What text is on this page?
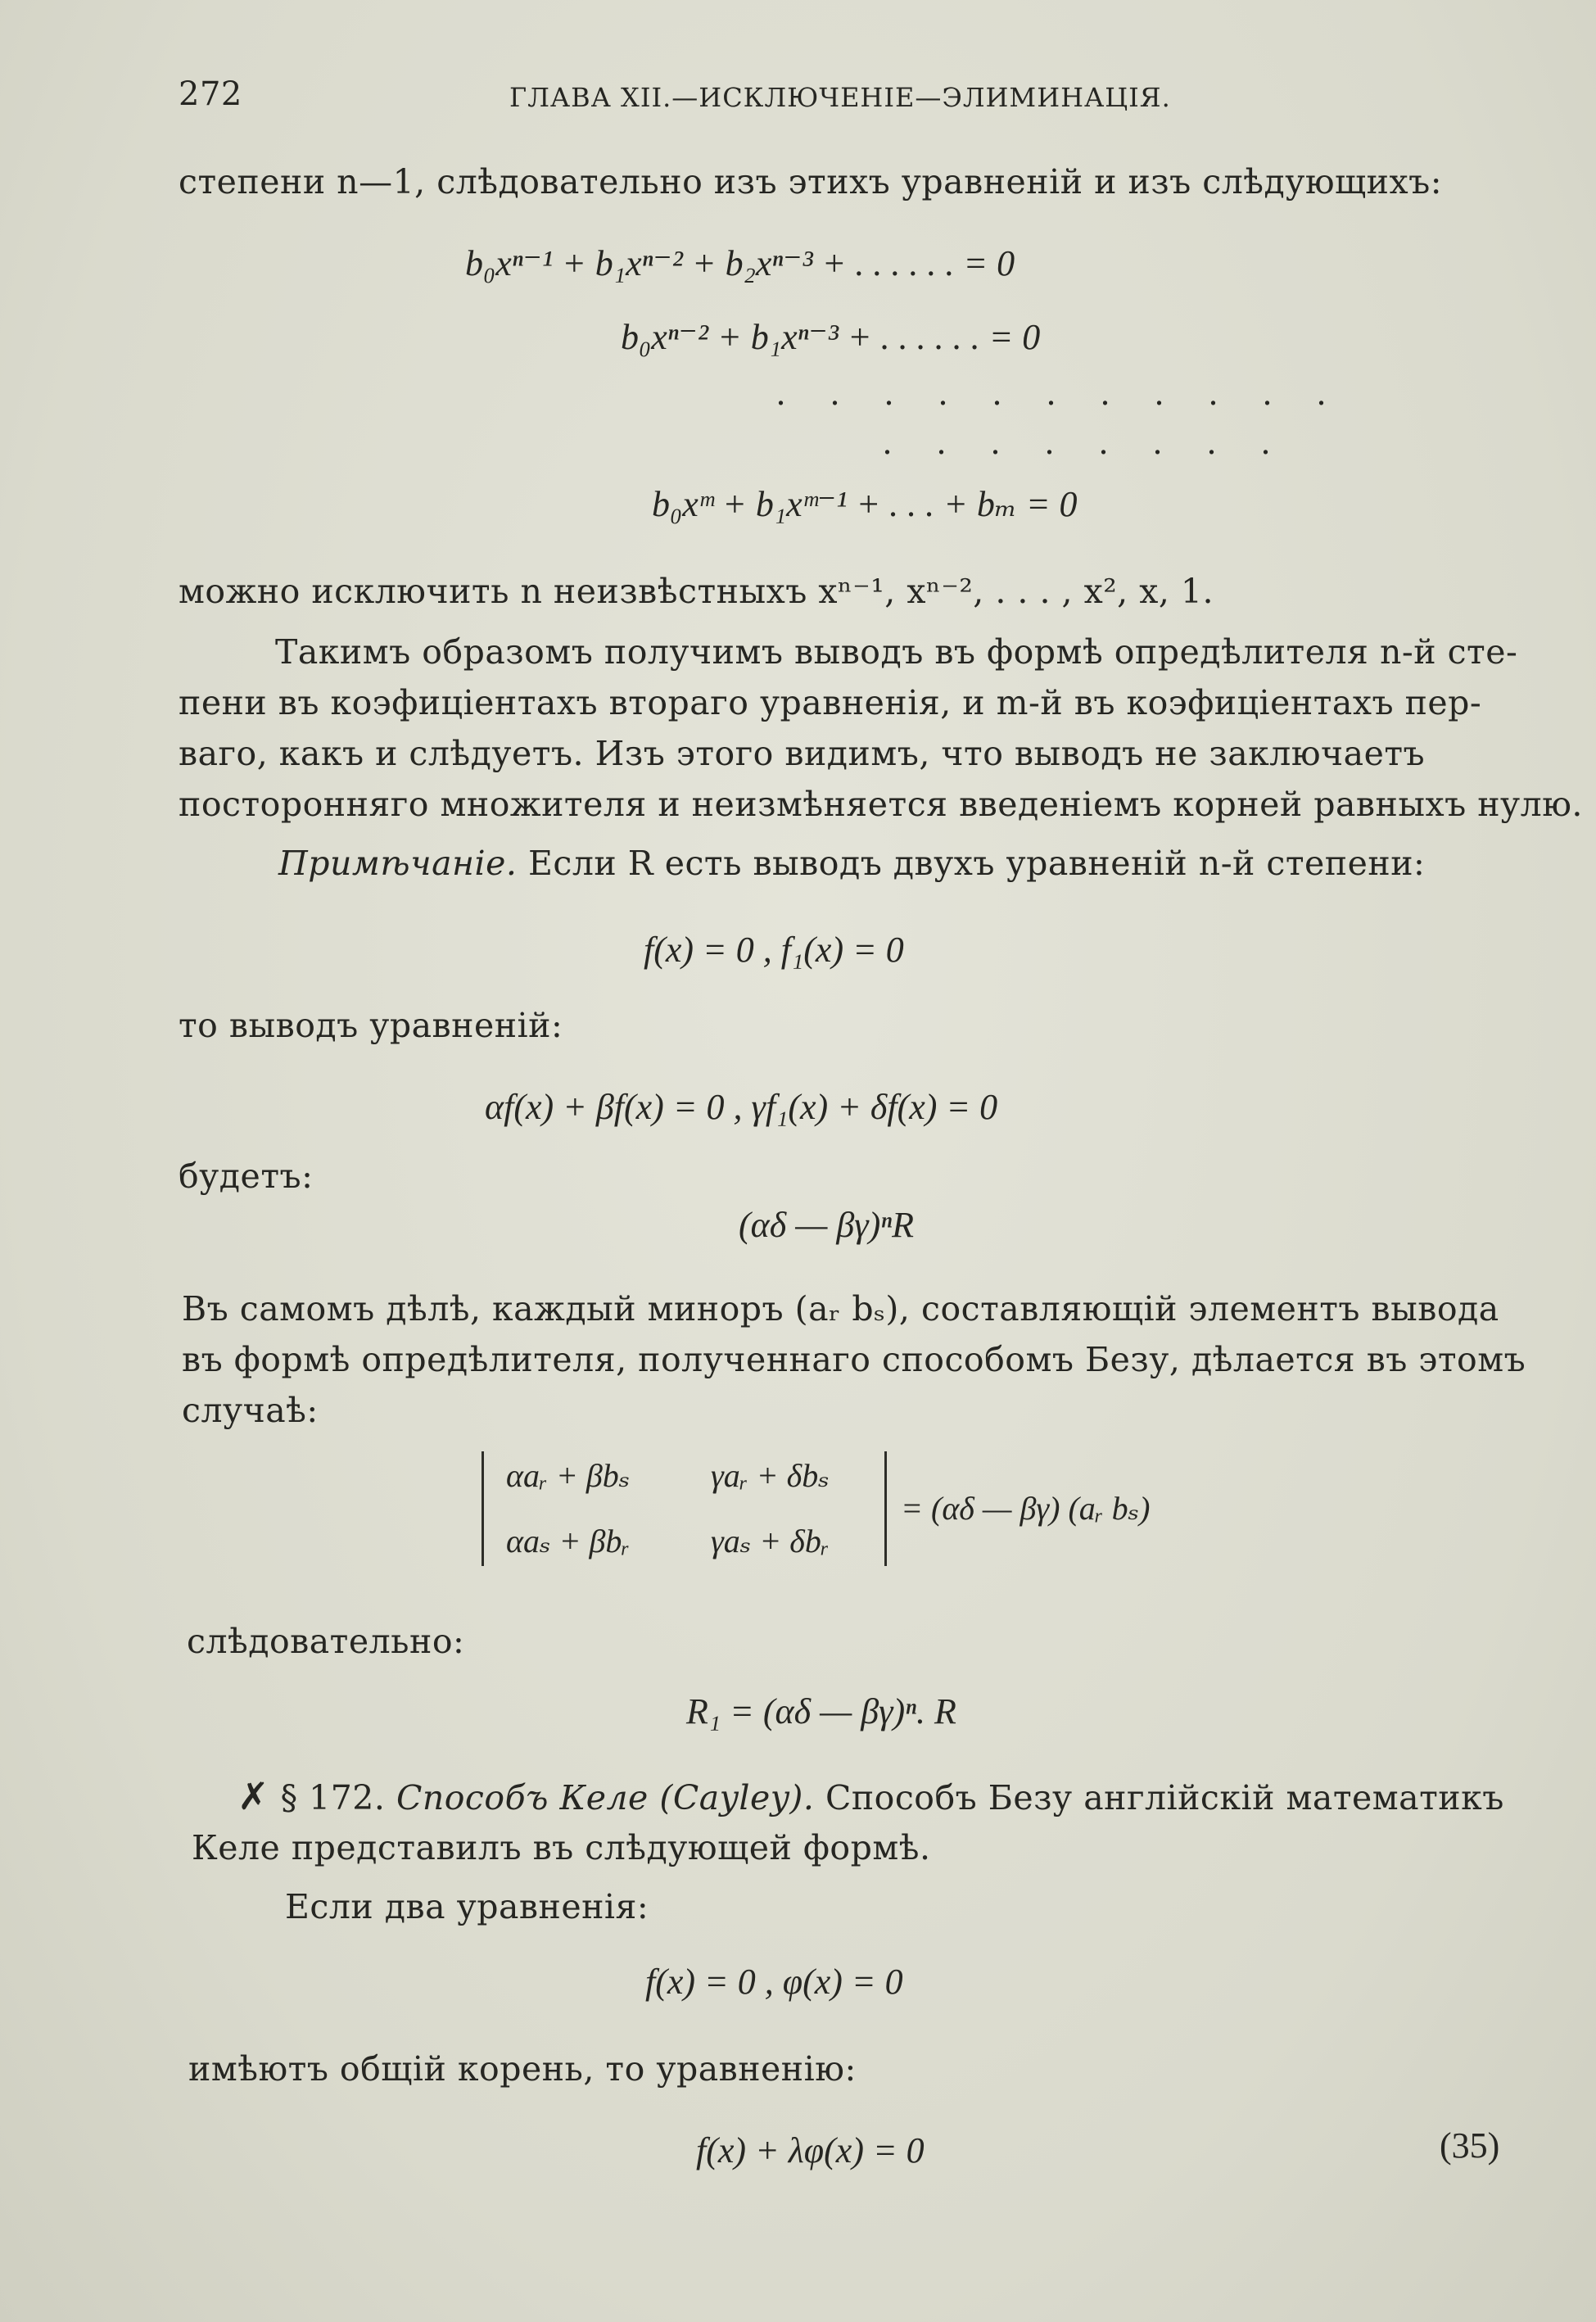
272	ГЛАВА XII.—ИСКЛЮЧЕНІЕ—ЭЛИМИНАЦІЯ.
степени n—1, слѣдовательно изъ этихъ уравненій и изъ слѣдующихъ:
b₀xⁿ⁻¹ + b₁xⁿ⁻² + b₂xⁿ⁻³ + . . . . . . = 0
b₀xⁿ⁻² + b₁xⁿ⁻³ + . . . . . . = 0
. . . . . . . . . . .
. . . . . . . .
b₀xᵐ + b₁xᵐ⁻¹ + . . . + bₘ = 0
можно исключить n неизвѣстныхъ xⁿ⁻¹, xⁿ⁻², . . . , x², x, 1.
Такимъ образомъ получимъ выводъ въ формѣ опредѣлителя n-й сте-
пени въ коэфиціентахъ втораго уравненія, и m-й въ коэфиціентахъ пер-
ваго, какъ и слѣдуетъ. Изъ этого видимъ, что выводъ не заключаетъ
посторонняго множителя и неизмѣняется введеніемъ корней равныхъ нулю.
Примѣчаніе. Если R есть выводъ двухъ уравненій n-й степени:
f(x) = 0 , f₁(x) = 0
то выводъ уравненій:
αf(x) + βf(x) = 0 , γf₁(x) + δf(x) = 0
будетъ:
(αδ — βγ)ⁿR
Въ самомъ дѣлѣ, каждый миноръ (aᵣ bₛ), составляющій элементъ вывода
въ формѣ опредѣлителя, полученнаго способомъ Безу, дѣлается въ этомъ
случаѣ:
αaᵣ + βbₛ γaᵣ + δbₛ
αaₛ + βbᵣ γaₛ + δbᵣ
= (αδ — βγ) (aᵣ bₛ)
слѣдовательно:
R₁ = (αδ — βγ)ⁿ. R
✗ § 172. Способъ Келе (Cayley). Способъ Безу англійскій математикъ
Келе представилъ въ слѣдующей формѣ.
Если два уравненія:
f(x) = 0 , φ(x) = 0
имѣютъ общій корень, то уравненію:
f(x) + λφ(x) = 0	(35)
